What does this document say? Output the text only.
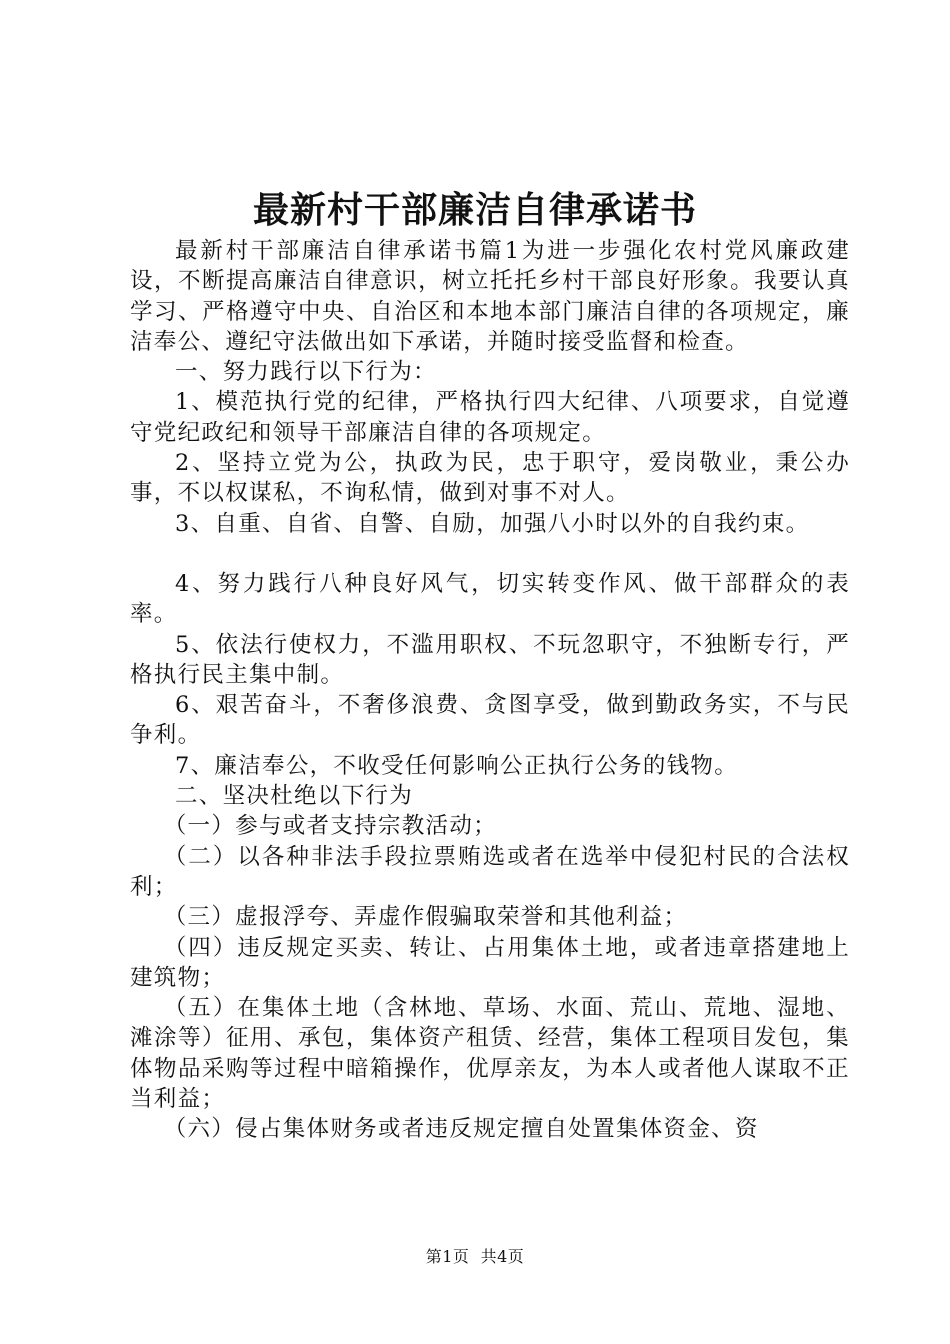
最新村干部廉洁自律承诺书

最新村干部廉洁自律承诺书篇1为进一步强化农村党风廉政建设，不断提高廉洁自律意识，树立托托乡村干部良好形象。我要认真学习、严格遵守中央、自治区和本地本部门廉洁自律的各项规定，廉洁奉公、遵纪守法做出如下承诺，并随时接受监督和检查。

一、努力践行以下行为：

1、模范执行党的纪律，严格执行四大纪律、八项要求，自觉遵守党纪政纪和领导干部廉洁自律的各项规定。

2、坚持立党为公，执政为民，忠于职守，爱岗敬业，秉公办事，不以权谋私，不询私情，做到对事不对人。

3、自重、自省、自警、自励，加强八小时以外的自我约束。

4、努力践行八种良好风气，切实转变作风、做干部群众的表率。

5、依法行使权力，不滥用职权、不玩忽职守，不独断专行，严格执行民主集中制。

6、艰苦奋斗，不奢侈浪费、贪图享受，做到勤政务实，不与民争利。

7、廉洁奉公，不收受任何影响公正执行公务的钱物。

二、坚决杜绝以下行为

（一）参与或者支持宗教活动；

（二）以各种非法手段拉票贿选或者在选举中侵犯村民的合法权利；

（三）虚报浮夸、弄虚作假骗取荣誉和其他利益；

（四）违反规定买卖、转让、占用集体土地，或者违章搭建地上建筑物；

（五）在集体土地（含林地、草场、水面、荒山、荒地、湿地、滩涂等）征用、承包，集体资产租赁、经营，集体工程项目发包，集体物品采购等过程中暗箱操作，优厚亲友，为本人或者他人谋取不正当利益；

（六）侵占集体财务或者违反规定擅自处置集体资金、资

第1页 共4页
